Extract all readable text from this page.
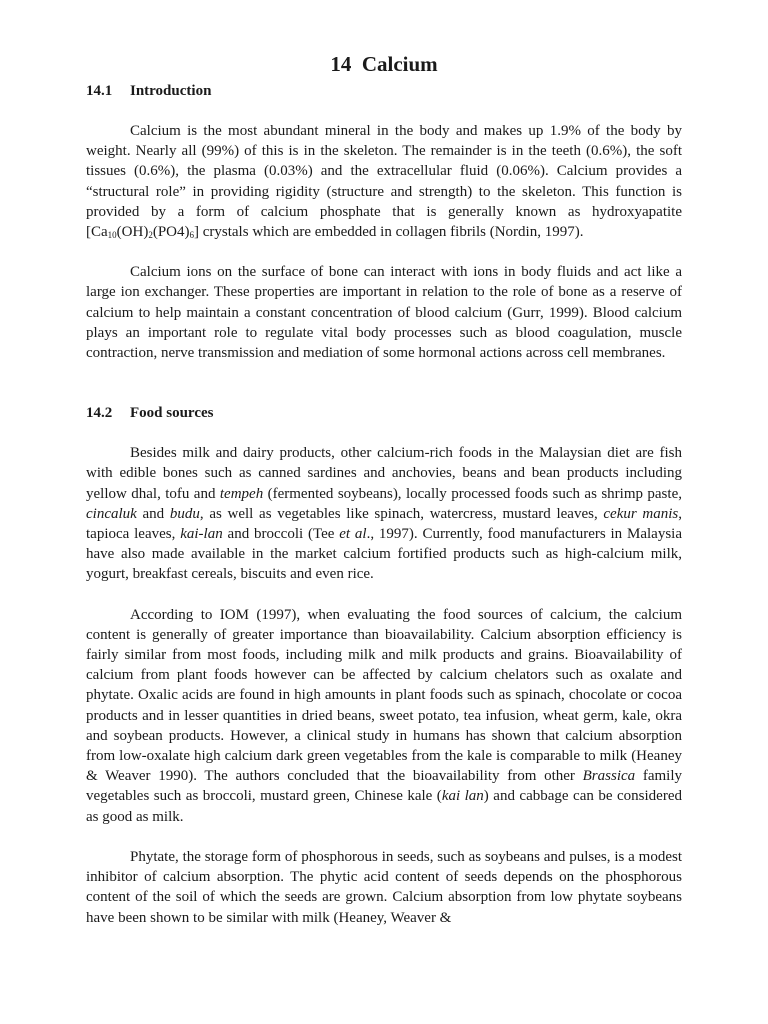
14  Calcium
14.1	Introduction

Calcium is the most abundant mineral in the body and makes up 1.9% of the body by weight. Nearly all (99%) of this is in the skeleton. The remainder is in the teeth (0.6%), the soft tissues (0.6%), the plasma (0.03%) and the extracellular fluid (0.06%). Calcium provides a “structural role” in providing rigidity (structure and strength) to the skeleton. This function is provided by a form of calcium phosphate that is generally known as hydroxyapatite $[Ca_{10}(OH)_2(PO4)_6]$ crystals which are embedded in collagen fibrils (Nordin, 1997).

Calcium ions on the surface of bone can interact with ions in body fluids and act like a large ion exchanger. These properties are important in relation to the role of bone as a reserve of calcium to help maintain a constant concentration of blood calcium (Gurr, 1999). Blood calcium plays an important role to regulate vital body processes such as blood coagulation, muscle contraction, nerve transmission and mediation of some hormonal actions across cell membranes.

14.2	Food sources

Besides milk and dairy products, other calcium-rich foods in the Malaysian diet are fish with edible bones such as canned sardines and anchovies, beans and bean products including yellow dhal, tofu and tempeh (fermented soybeans), locally processed foods such as shrimp paste, cincaluk and budu, as well as vegetables like spinach, watercress, mustard leaves, cekur manis, tapioca leaves, kai-lan and broccoli (Tee et al., 1997). Currently, food manufacturers in Malaysia have also made available in the market calcium fortified products such as high-calcium milk, yogurt, breakfast cereals, biscuits and even rice.

According to IOM (1997), when evaluating the food sources of calcium, the calcium content is generally of greater importance than bioavailability. Calcium absorption efficiency is fairly similar from most foods, including milk and milk products and grains. Bioavailability of calcium from plant foods however can be affected by calcium chelators such as oxalate and phytate. Oxalic acids are found in high amounts in plant foods such as spinach, chocolate or cocoa products and in lesser quantities in dried beans, sweet potato, tea infusion, wheat germ, kale, okra and soybean products. However, a clinical study in humans has shown that calcium absorption from low-oxalate high calcium dark green vegetables from the kale is comparable to milk (Heaney & Weaver 1990). The authors concluded that the bioavailability from other Brassica family vegetables such as broccoli, mustard green, Chinese kale (kai lan) and cabbage can be considered as good as milk.

Phytate, the storage form of phosphorous in seeds, such as soybeans and pulses, is a modest inhibitor of calcium absorption. The phytic acid content of seeds depends on the phosphorous content of the soil of which the seeds are grown. Calcium absorption from low phytate soybeans have been shown to be similar with milk (Heaney, Weaver &
